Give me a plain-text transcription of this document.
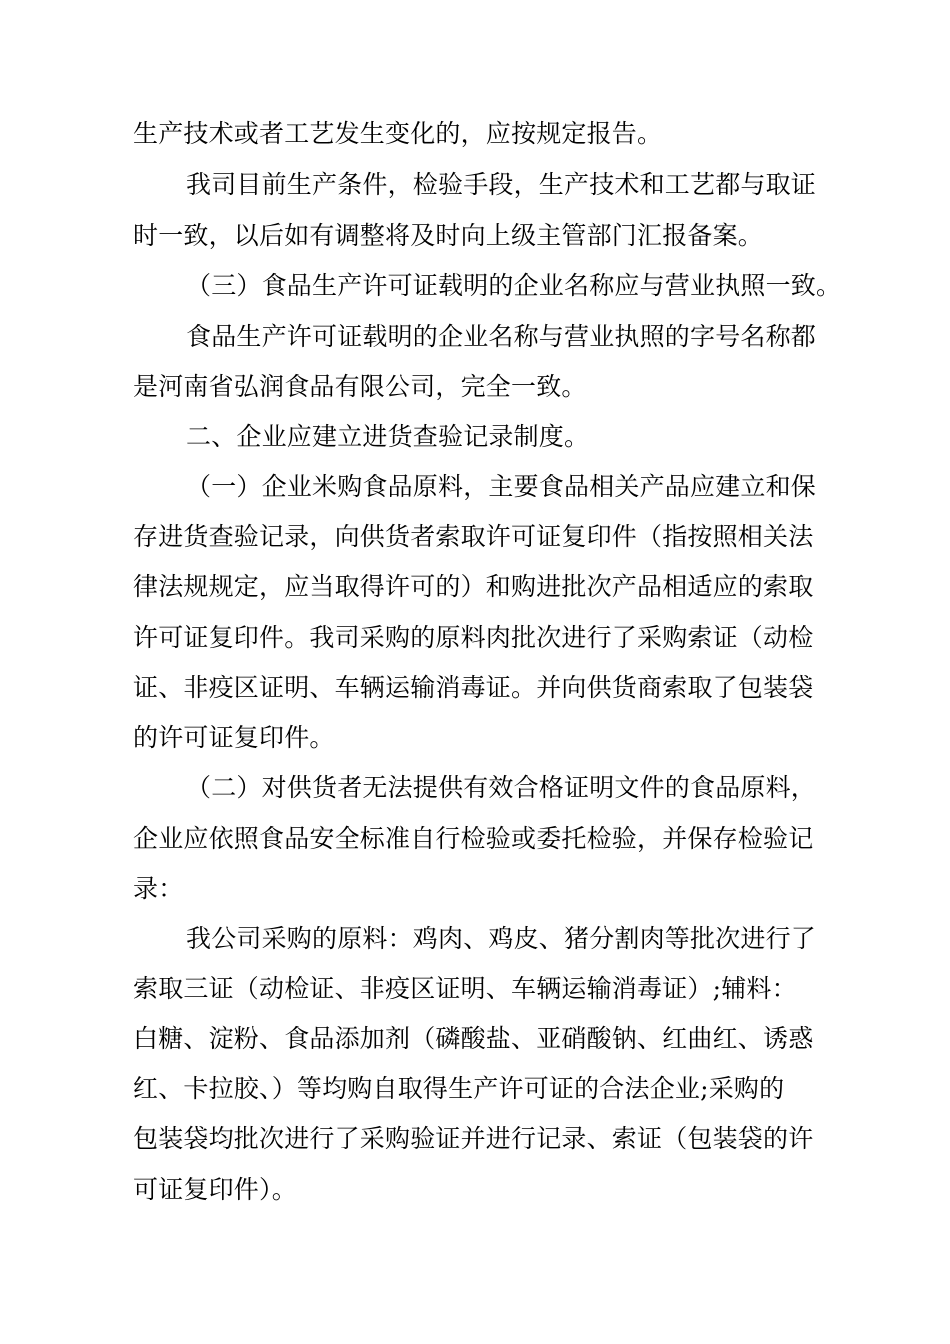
生产技术或者工艺发生变化的，应按规定报告。
我司目前生产条件，检验手段，生产技术和工艺都与取证
时一致，以后如有调整将及时向上级主管部门汇报备案。
（三）食品生产许可证载明的企业名称应与营业执照一致。
食品生产许可证载明的企业名称与营业执照的字号名称都
是河南省弘润食品有限公司，完全一致。
二、企业应建立进货查验记录制度。
（一）企业米购食品原料，主要食品相关产品应建立和保
存进货查验记录，向供货者索取许可证复印件（指按照相关法
律法规规定，应当取得许可的）和购进批次产品相适应的索取
许可证复印件。我司采购的原料肉批次进行了采购索证（动检
证、非疫区证明、车辆运输消毒证。并向供货商索取了包装袋
的许可证复印件。
（二）对供货者无法提供有效合格证明文件的食品原料，
企业应依照食品安全标准自行检验或委托检验，并保存检验记
录：
我公司采购的原料：鸡肉、鸡皮、猪分割肉等批次进行了
索取三证（动检证、非疫区证明、车辆运输消毒证）;辅料：
白糖、淀粉、食品添加剂（磷酸盐、亚硝酸钠、红曲红、诱惑
红、卡拉胶、）等均购自取得生产许可证的合法企业;采购的
包装袋均批次进行了采购验证并进行记录、索证（包装袋的许
可证复印件）。
